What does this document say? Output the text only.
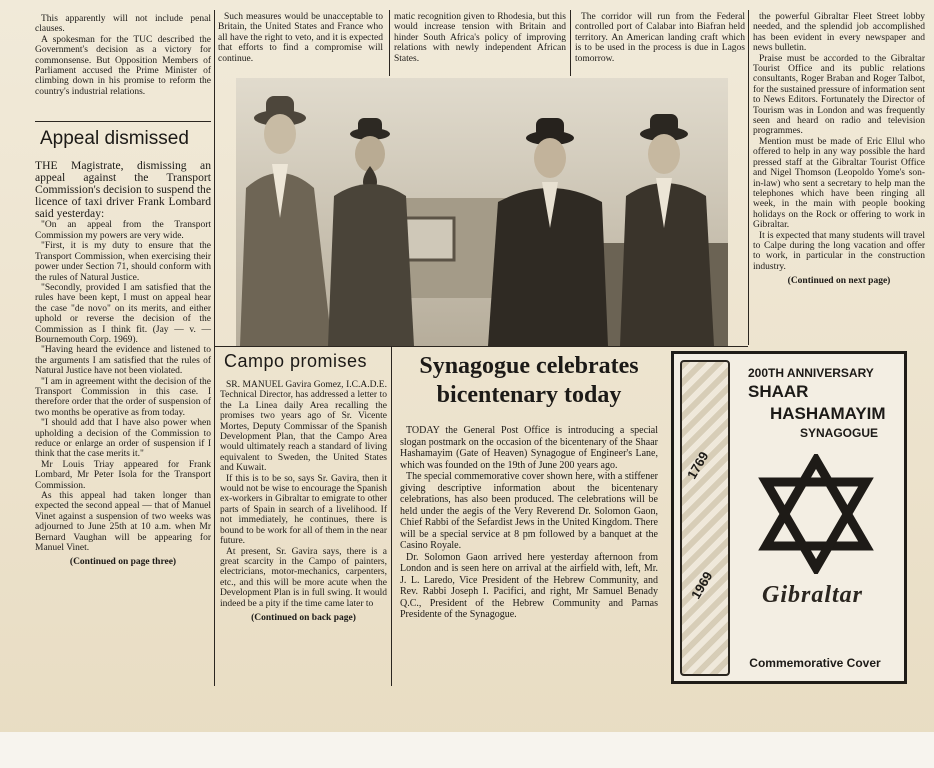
This apparently will not include penal clauses.

A spokesman for the TUC described the Government's decision as a victory for commonsense. But Opposition Members of Parliament accused the Prime Minister of climbing down in his promise to reform the country's industrial relations.

Appeal dismissed

THE Magistrate, dismissing an appeal against the Transport Commission's decision to suspend the licence of taxi driver Frank Lombard said yesterday:

"On an appeal from the Transport Commission my powers are very wide.

"First, it is my duty to ensure that the Transport Commission, when exercising their power under Section 71, should conform with the rules of Natural Justice.

"Secondly, provided I am satisfied that the rules have been kept, I must on appeal hear the case "de novo" on its merits, and either uphold or reverse the decision of the Commission as I think fit. (Jay — v. — Bournemouth Corp. 1969).

"Having heard the evidence and listened to the arguments I am satisfied that the rules of Natural Justice have not been violated.

"I am in agreement witht the decision of the Transport Commission in this case. I therefore order that the order of suspension of two months be operative as from today.

"I should add that I have also power when upholding a decision of the Commission to reduce or enlarge an order of suspension if I think that the case merits it."

Mr Louis Triay appeared for Frank Lombard, Mr Peter Isola for the Transport Commission.

As this appeal had taken longer than expected the second appeal — that of Manuel Vinet against a suspension of two weeks was adjourned to June 25th at 10 a.m. when Mr Bernard Vaughan will be appearing for Manuel Vinet.

(Continued on page three)

Such measures would be unacceptable to Britain, the United States and France who all have the right to veto, and it is expected that efforts to find a compromise will continue.

matic recognition given to Rhodesia, but this would increase tension with Britain and hinder South Africa's policy of improving relations with newly independent African States.

The corridor will run from the Federal controlled port of Calabar into Biafran held territory. An American landing craft which is to be used in the process is due in Lagos tomorrow.

the powerful Gibraltar Fleet Street lobby needed, and the splendid job accomplished has been evident in every newspaper and news bulletin.

Praise must be accorded to the Gibraltar Tourist Office and its public relations consultants, Roger Braban and Roger Talbot, for the sustained pressure of information sent to News Editors. Fortunately the Director of Tourism was in London and was frequently seen and heard on radio and television programmes.

Mention must be made of Eric Ellul who offered to help in any way possible the hard pressed staff at the Gibraltar Tourist Office and Nigel Thomson (Leopoldo Yome's son-in-law) who sent a secretary to help man the telephones which have been ringing all week, in the main with people booking holidays on the Rock or offering to work in Gibraltar.

It is expected that many students will travel to Calpe during the long vacation and offer to work, in particular in the construction industry.

(Continued on next page)
Campo promises

SR. MANUEL Gavira Gomez, I.C.A.D.E. Technical Director, has addressed a letter to the La Linea daily Area recalling the promises two years ago of Sr. Vicente Mortes, Deputy Commissar of the Spanish Development Plan, that the Campo Area would ultimately reach a standard of living equivalent to Sweden, the United States and Kuwait.

If this is to be so, says Sr. Gavira, then it would not be wise to encourage the Spanish ex-workers in Gibraltar to emigrate to other parts of Spain in search of a livelihood. If not immediately, he continues, there is bound to be work for all of them in the near future.

At present, Sr. Gavira says, there is a great scarcity in the Campo of painters, electricians, motor-mechanics, carpenters, etc., and this will be more acute when the Development Plan is in full swing. It would indeed be a pity if the time came later to

(Continued on back page)
Synagogue celebrates
bicentenary today

TODAY the General Post Office is introducing a special slogan postmark on the occasion of the bicentenary of the Shaar Hashamayim (Gate of Heaven) Synagogue of Engineer's Lane, which was founded on the 19th of June 200 years ago.

The special commemorative cover shown here, with a stiffener giving descriptive information about the bicentenary celebrations, has also been produced. The celebrations will be held under the aegis of the Very Reverend Dr. Solomon Gaon, Chief Rabbi of the Sefardist Jews in the United Kingdom. There will be a special service at 8 pm followed by a banquet at the Casino Royale.

Dr. Solomon Gaon arrived here yesterday afternoon from London and is seen here on arrival at the airfield with, left, Mr. J. L. Laredo, Vice President of the Hebrew Community, and Rev. Rabbi Joseph I. Pacifici, and right, Mr Samuel Benady Q.C., President of the Hebrew Community and Parnas Presidente of the Synagogue.

1769
1969
200TH ANNIVERSARY
SHAAR
HASHAMAYIM
SYNAGOGUE
Gibraltar
Commemorative Cover
